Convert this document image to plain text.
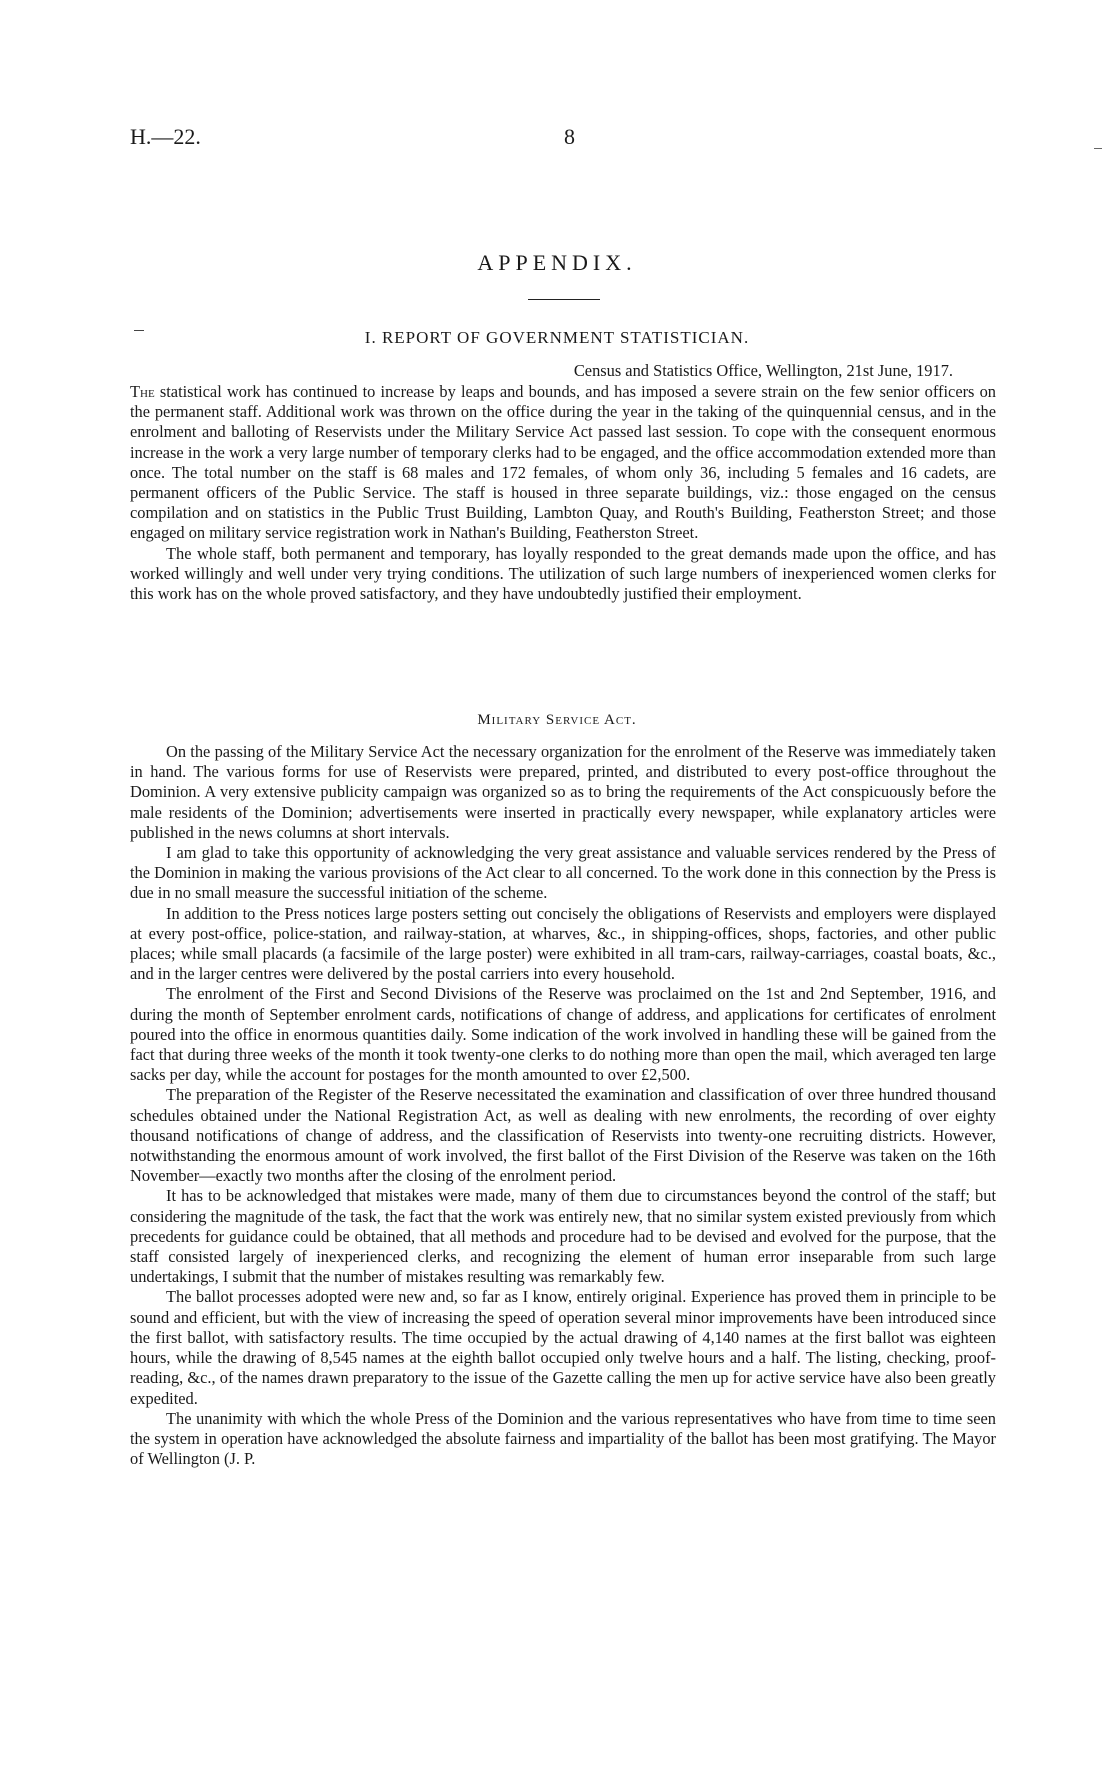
H.—22.	8
APPENDIX.
I. REPORT OF GOVERNMENT STATISTICIAN.
Census and Statistics Office, Wellington, 21st June, 1917.

The statistical work has continued to increase by leaps and bounds, and has imposed a severe strain on the few senior officers on the permanent staff. Additional work was thrown on the office during the year in the taking of the quinquennial census, and in the enrolment and balloting of Reservists under the Military Service Act passed last session. To cope with the consequent enormous increase in the work a very large number of temporary clerks had to be engaged, and the office accommodation extended more than once. The total number on the staff is 68 males and 172 females, of whom only 36, including 5 females and 16 cadets, are permanent officers of the Public Service. The staff is housed in three separate buildings, viz.: those engaged on the census compilation and on statistics in the Public Trust Building, Lambton Quay, and Routh's Building, Featherston Street; and those engaged on military service registration work in Nathan's Building, Featherston Street.

The whole staff, both permanent and temporary, has loyally responded to the great demands made upon the office, and has worked willingly and well under very trying conditions. The utilization of such large numbers of inexperienced women clerks for this work has on the whole proved satisfactory, and they have undoubtedly justified their employment.

Military Service Act.

On the passing of the Military Service Act the necessary organization for the enrolment of the Reserve was immediately taken in hand. The various forms for use of Reservists were prepared, printed, and distributed to every post-office throughout the Dominion. A very extensive publicity campaign was organized so as to bring the requirements of the Act conspicuously before the male residents of the Dominion; advertisements were inserted in practically every newspaper, while explanatory articles were published in the news columns at short intervals.

I am glad to take this opportunity of acknowledging the very great assistance and valuable services rendered by the Press of the Dominion in making the various provisions of the Act clear to all concerned. To the work done in this connection by the Press is due in no small measure the successful initiation of the scheme.

In addition to the Press notices large posters setting out concisely the obligations of Reservists and employers were displayed at every post-office, police-station, and railway-station, at wharves, &c., in shipping-offices, shops, factories, and other public places; while small placards (a facsimile of the large poster) were exhibited in all tram-cars, railway-carriages, coastal boats, &c., and in the larger centres were delivered by the postal carriers into every household.

The enrolment of the First and Second Divisions of the Reserve was proclaimed on the 1st and 2nd September, 1916, and during the month of September enrolment cards, notifications of change of address, and applications for certificates of enrolment poured into the office in enormous quantities daily. Some indication of the work involved in handling these will be gained from the fact that during three weeks of the month it took twenty-one clerks to do nothing more than open the mail, which averaged ten large sacks per day, while the account for postages for the month amounted to over £2,500.

The preparation of the Register of the Reserve necessitated the examination and classification of over three hundred thousand schedules obtained under the National Registration Act, as well as dealing with new enrolments, the recording of over eighty thousand notifications of change of address, and the classification of Reservists into twenty-one recruiting districts. However, notwithstanding the enormous amount of work involved, the first ballot of the First Division of the Reserve was taken on the 16th November—exactly two months after the closing of the enrolment period.

It has to be acknowledged that mistakes were made, many of them due to circumstances beyond the control of the staff; but considering the magnitude of the task, the fact that the work was entirely new, that no similar system existed previously from which precedents for guidance could be obtained, that all methods and procedure had to be devised and evolved for the purpose, that the staff consisted largely of inexperienced clerks, and recognizing the element of human error inseparable from such large undertakings, I submit that the number of mistakes resulting was remarkably few.

The ballot processes adopted were new and, so far as I know, entirely original. Experience has proved them in principle to be sound and efficient, but with the view of increasing the speed of operation several minor improvements have been introduced since the first ballot, with satisfactory results. The time occupied by the actual drawing of 4,140 names at the first ballot was eighteen hours, while the drawing of 8,545 names at the eighth ballot occupied only twelve hours and a half. The listing, checking, proof-reading, &c., of the names drawn preparatory to the issue of the Gazette calling the men up for active service have also been greatly expedited.

The unanimity with which the whole Press of the Dominion and the various representatives who have from time to time seen the system in operation have acknowledged the absolute fairness and impartiality of the ballot has been most gratifying. The Mayor of Wellington (J. P.
